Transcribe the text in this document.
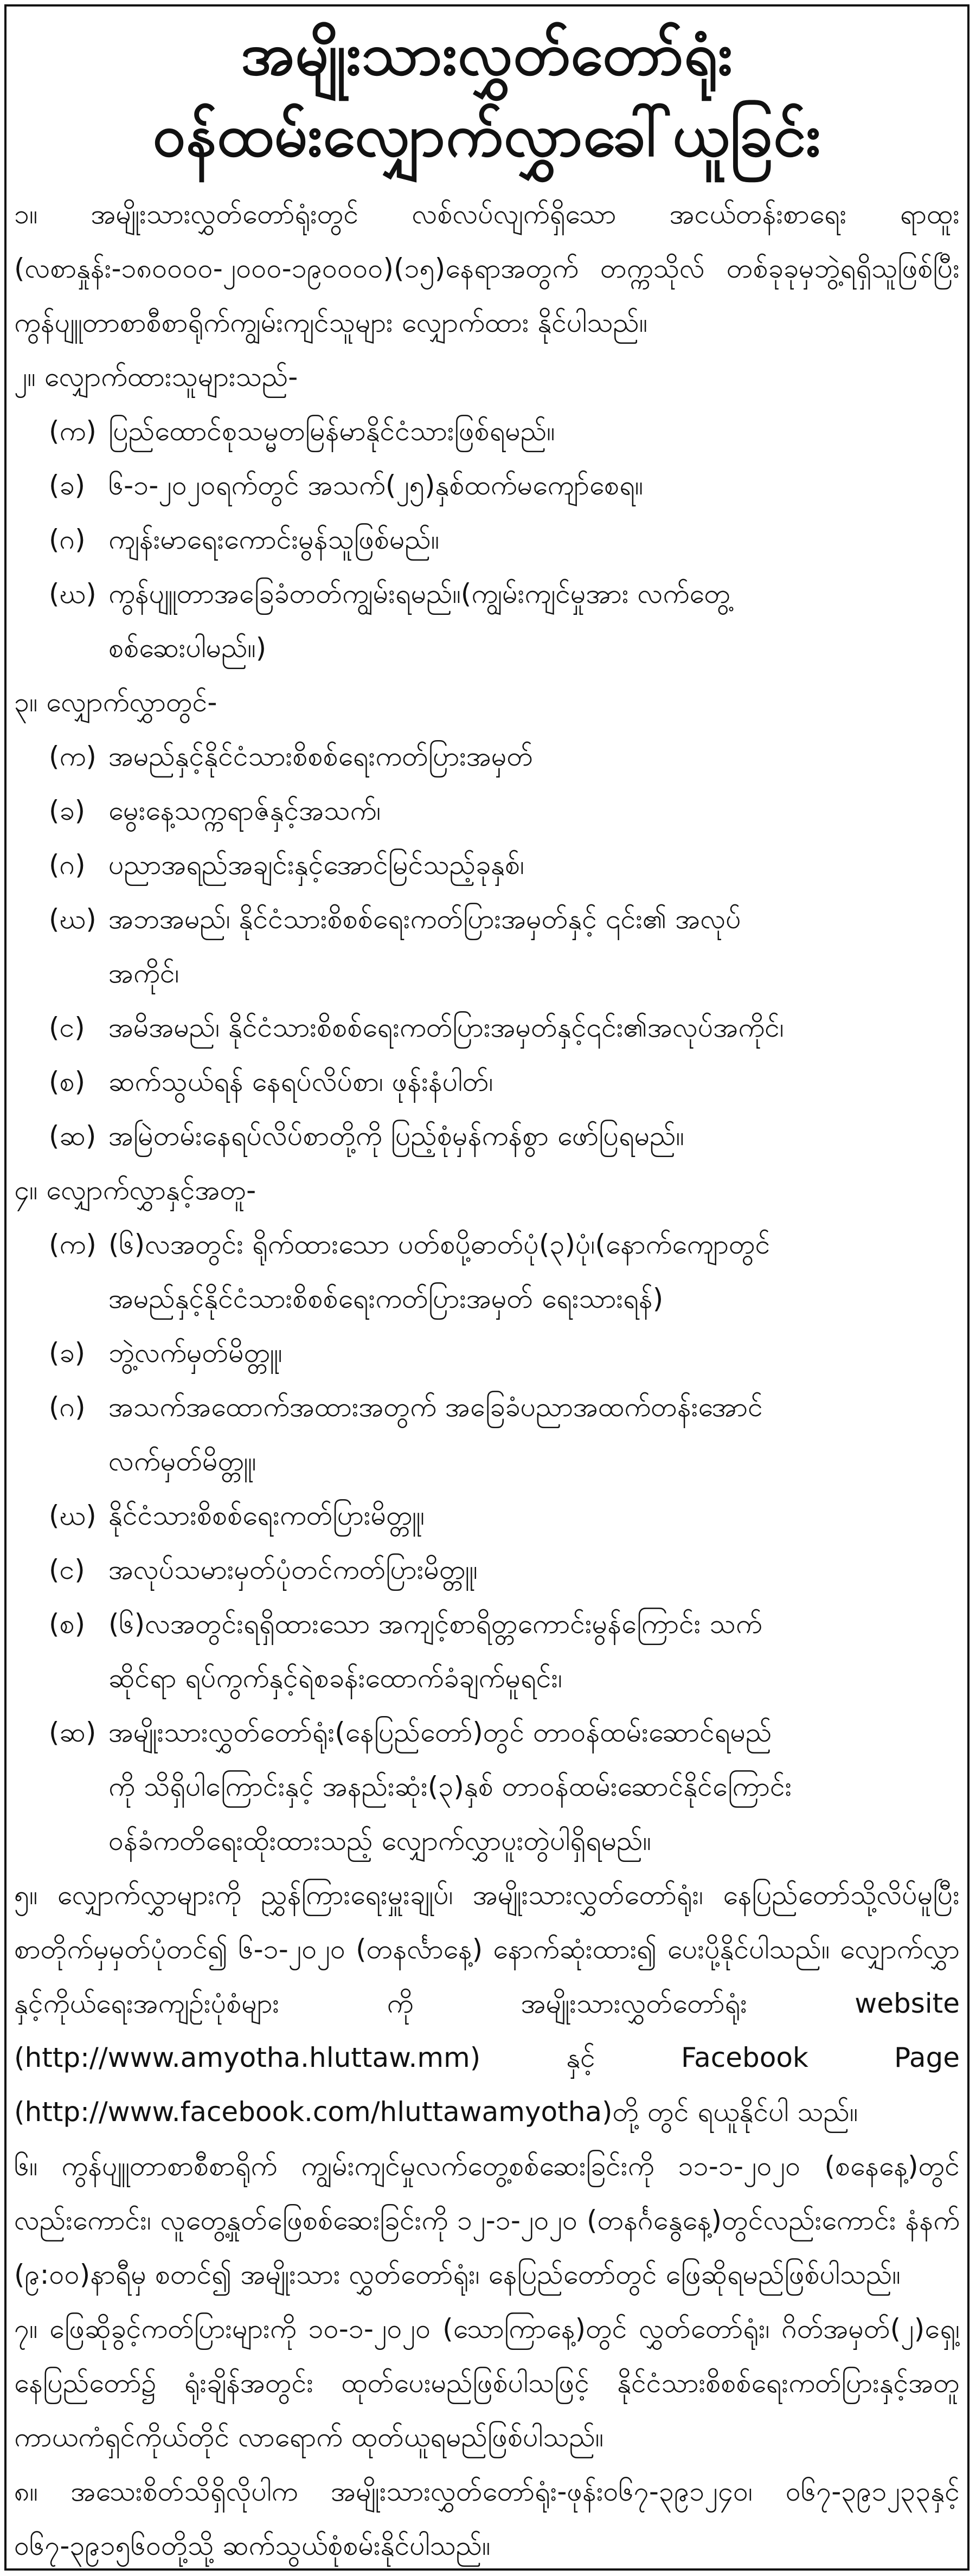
အမျိုးသားလွှတ်တော်ရုံး
ဝန်ထမ်းလျှောက်လွှာခေါ်ယူခြင်း

၁။ အမျိုးသားလွှတ်တော်ရုံးတွင် လစ်လပ်လျက်ရှိသော အငယ်တန်းစာရေး ရာထူး (လစာနှုန်း-၁၈၀၀၀၀-၂၀၀၀-၁၉၀၀၀၀)(၁၅)နေရာအတွက် တက္ကသိုလ် တစ်ခုခုမှဘွဲ့ရရှိသူဖြစ်ပြီး ကွန်ပျူတာစာစီစာရိုက်ကျွမ်းကျင်သူများ လျှောက်ထား နိုင်ပါသည်။

၂။ လျှောက်ထားသူများသည်-

(က) ပြည်ထောင်စုသမ္မတမြန်မာနိုင်ငံသားဖြစ်ရမည်။
(ခ) ၆-၁-၂၀၂၀ရက်တွင် အသက်(၂၅)နှစ်ထက်မကျော်စေရ။
(ဂ) ကျန်းမာရေးကောင်းမွန်သူဖြစ်မည်။
(ဃ) ကွန်ပျူတာအခြေခံတတ်ကျွမ်းရမည်။(ကျွမ်းကျင်မှုအား လက်တွေ့
စစ်ဆေးပါမည်။)

၃။ လျှောက်လွှာတွင်-

(က) အမည်နှင့်နိုင်ငံသားစိစစ်ရေးကတ်ပြားအမှတ်
(ခ) မွေးနေ့သက္ကရာဇ်နှင့်အသက်၊
(ဂ) ပညာအရည်အချင်းနှင့်အောင်မြင်သည့်ခုနှစ်၊
(ဃ) အဘအမည်၊ နိုင်ငံသားစိစစ်ရေးကတ်ပြားအမှတ်နှင့် ၎င်း၏ အလုပ်
အကိုင်၊
(င) အမိအမည်၊ နိုင်ငံသားစိစစ်ရေးကတ်ပြားအမှတ်နှင့်၎င်း၏အလုပ်အကိုင်၊
(စ) ဆက်သွယ်ရန် နေရပ်လိပ်စာ၊ ဖုန်းနံပါတ်၊
(ဆ) အမြဲတမ်းနေရပ်လိပ်စာတို့ကို ပြည့်စုံမှန်ကန်စွာ ဖော်ပြရမည်။

၄။ လျှောက်လွှာနှင့်အတူ-

(က) (၆)လအတွင်း ရိုက်ထားသော ပတ်စပို့ဓာတ်ပုံ(၃)ပုံ၊(နောက်ကျောတွင်
အမည်နှင့်နိုင်ငံသားစိစစ်ရေးကတ်ပြားအမှတ် ရေးသားရန်)
(ခ) ဘွဲ့လက်မှတ်မိတ္တူ၊
(ဂ) အသက်အထောက်အထားအတွက် အခြေခံပညာအထက်တန်းအောင်
လက်မှတ်မိတ္တူ၊
(ဃ) နိုင်ငံသားစိစစ်ရေးကတ်ပြားမိတ္တူ၊
(င) အလုပ်သမားမှတ်ပုံတင်ကတ်ပြားမိတ္တူ၊
(စ) (၆)လအတွင်းရရှိထားသော အကျင့်စာရိတ္တကောင်းမွန်ကြောင်း သက်
ဆိုင်ရာ ရပ်ကွက်နှင့်ရဲစခန်းထောက်ခံချက်မူရင်း၊
(ဆ) အမျိုးသားလွှတ်တော်ရုံး(နေပြည်တော်)တွင် တာဝန်ထမ်းဆောင်ရမည်
ကို သိရှိပါကြောင်းနှင့် အနည်းဆုံး(၃)နှစ် တာဝန်ထမ်းဆောင်နိုင်ကြောင်း
ဝန်ခံကတိရေးထိုးထားသည့် လျှောက်လွှာပူးတွဲပါရှိရမည်။

၅။ လျှောက်လွှာများကို ညွှန်ကြားရေးမှူးချုပ်၊ အမျိုးသားလွှတ်တော်ရုံး၊ နေပြည်တော်သို့လိပ်မူပြီး စာတိုက်မှမှတ်ပုံတင်၍ ၆-၁-၂၀၂၀ (တနင်္လာနေ့) နောက်ဆုံးထား၍ ပေးပို့နိုင်ပါသည်။ လျှောက်လွှာနှင့်ကိုယ်ရေးအကျဉ်းပုံစံများ ကို အမျိုးသားလွှတ်တော်ရုံး website (http://www.amyotha.hluttaw.mm) နှင့် Facebook Page (http://www.facebook.com/hluttawamyotha)တို့ တွင် ရယူနိုင်ပါ သည်။

၆။ ကွန်ပျူတာစာစီစာရိုက် ကျွမ်းကျင်မှုလက်တွေ့စစ်ဆေးခြင်းကို ၁၁-၁-၂၀၂၀ (စနေနေ့)တွင် လည်းကောင်း၊ လူတွေ့နှုတ်ဖြေစစ်ဆေးခြင်းကို ၁၂-၁-၂၀၂၀ (တနင်္ဂနွေနေ့)တွင်လည်းကောင်း နံနက် (၉:၀၀)နာရီမှ စတင်၍ အမျိုးသား လွှတ်တော်ရုံး၊ နေပြည်တော်တွင် ဖြေဆိုရမည်ဖြစ်ပါသည်။

၇။ ဖြေဆိုခွင့်ကတ်ပြားများကို ၁၀-၁-၂၀၂၀ (သောကြာနေ့)တွင် လွှတ်တော်ရုံး၊ ဂိတ်အမှတ်(၂)ရှေ့၊ နေပြည်တော်၌ ရုံးချိန်အတွင်း ထုတ်ပေးမည်ဖြစ်ပါသဖြင့် နိုင်ငံသားစိစစ်ရေးကတ်ပြားနှင့်အတူ ကာယကံရှင်ကိုယ်တိုင် လာရောက် ထုတ်ယူရမည်ဖြစ်ပါသည်။

၈။ အသေးစိတ်သိရှိလိုပါက အမျိုးသားလွှတ်တော်ရုံး-ဖုန်း၀၆၇-၃၉၁၂၄၀၊ ၀၆၇-၃၉၁၂၃၃နှင့် ၀၆၇-၃၉၁၅၆၀တို့သို့ ဆက်သွယ်စုံစမ်းနိုင်ပါသည်။
